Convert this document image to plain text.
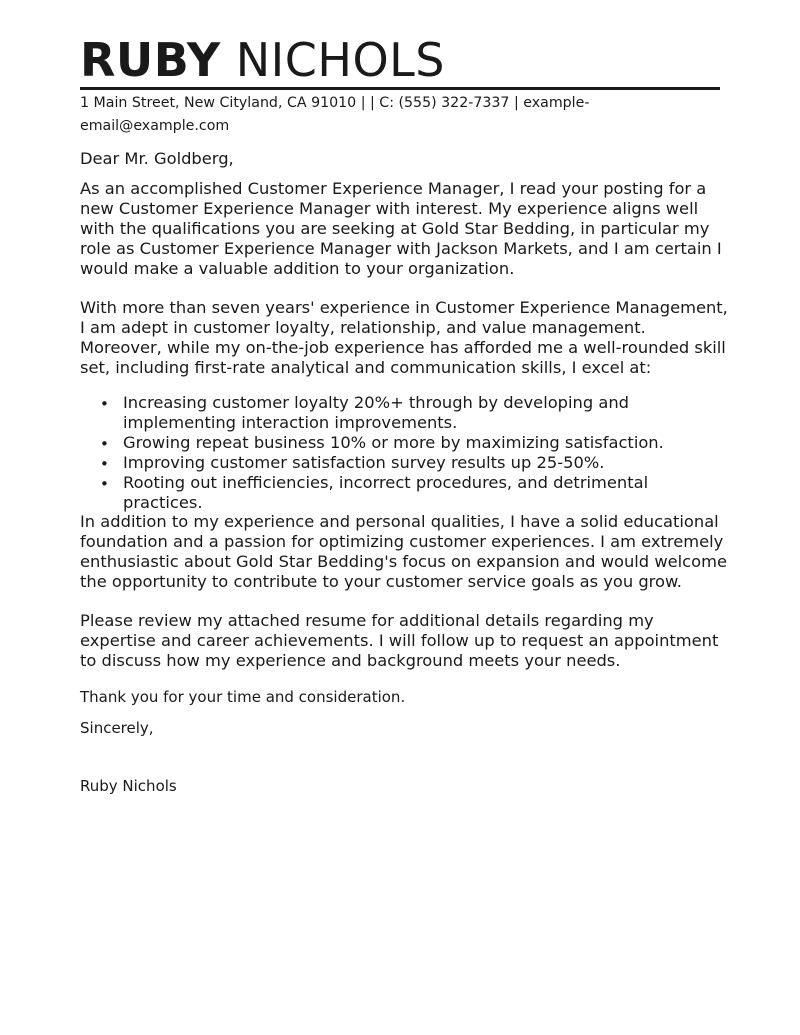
RUBY NICHOLS
1 Main Street, New Cityland, CA 91010 | | C: (555) 322-7337 | example-email@example.com

Dear Mr. Goldberg,

As an accomplished Customer Experience Manager, I read your posting for a new Customer Experience Manager with interest. My experience aligns well with the qualifications you are seeking at Gold Star Bedding, in particular my role as Customer Experience Manager with Jackson Markets, and I am certain I would make a valuable addition to your organization.

With more than seven years' experience in Customer Experience Management, I am adept in customer loyalty, relationship, and value management. Moreover, while my on-the-job experience has afforded me a well-rounded skill set, including first-rate analytical and communication skills, I excel at:

• Increasing customer loyalty 20%+ through by developing and implementing interaction improvements.
• Growing repeat business 10% or more by maximizing satisfaction.
• Improving customer satisfaction survey results up 25-50%.
• Rooting out inefficiencies, incorrect procedures, and detrimental practices.

In addition to my experience and personal qualities, I have a solid educational foundation and a passion for optimizing customer experiences. I am extremely enthusiastic about Gold Star Bedding's focus on expansion and would welcome the opportunity to contribute to your customer service goals as you grow.

Please review my attached resume for additional details regarding my expertise and career achievements. I will follow up to request an appointment to discuss how my experience and background meets your needs.

Thank you for your time and consideration.

Sincerely,

Ruby Nichols
